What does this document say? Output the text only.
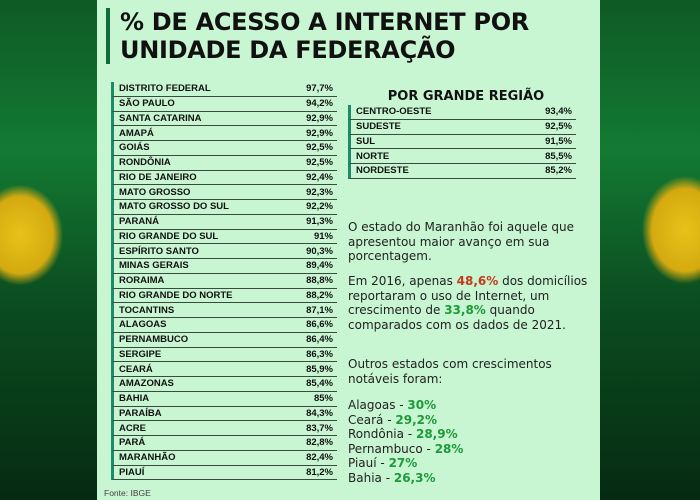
% DE ACESSO A INTERNET POR
UNIDADE DA FEDERAÇÃO
DISTRITO FEDERAL	97,7%
SÃO PAULO	94,2%
SANTA CATARINA	92,9%
AMAPÁ	92,9%
GOIÁS	92,5%
RONDÔNIA	92,5%
RIO DE JANEIRO	92,4%
MATO GROSSO	92,3%
MATO GROSSO DO SUL	92,2%
PARANÁ	91,3%
RIO GRANDE DO SUL	91%
ESPÍRITO SANTO	90,3%
MINAS GERAIS	89,4%
RORAIMA	88,8%
RIO GRANDE DO NORTE	88,2%
TOCANTINS	87,1%
ALAGOAS	86,6%
PERNAMBUCO	86,4%
SERGIPE	86,3%
CEARÁ	85,9%
AMAZONAS	85,4%
BAHIA	85%
PARAÍBA	84,3%
ACRE	83,7%
PARÁ	82,8%
MARANHÃO	82,4%
PIAUÍ	81,2%
POR GRANDE REGIÃO
CENTRO-OESTE	93,4%
SUDESTE	92,5%
SUL	91,5%
NORTE	85,5%
NORDESTE	85,2%
O estado do Maranhão foi aquele que apresentou maior avanço em sua porcentagem.
Em 2016, apenas 48,6% dos domicílios reportaram o uso de Internet, um crescimento de 33,8% quando comparados com os dados de 2021.
Outros estados com crescimentos notáveis foram:
Alagoas - 30%
Ceará - 29,2%
Rondônia - 28,9%
Pernambuco - 28%
Piauí - 27%
Bahia - 26,3%
Fonte: IBGE
